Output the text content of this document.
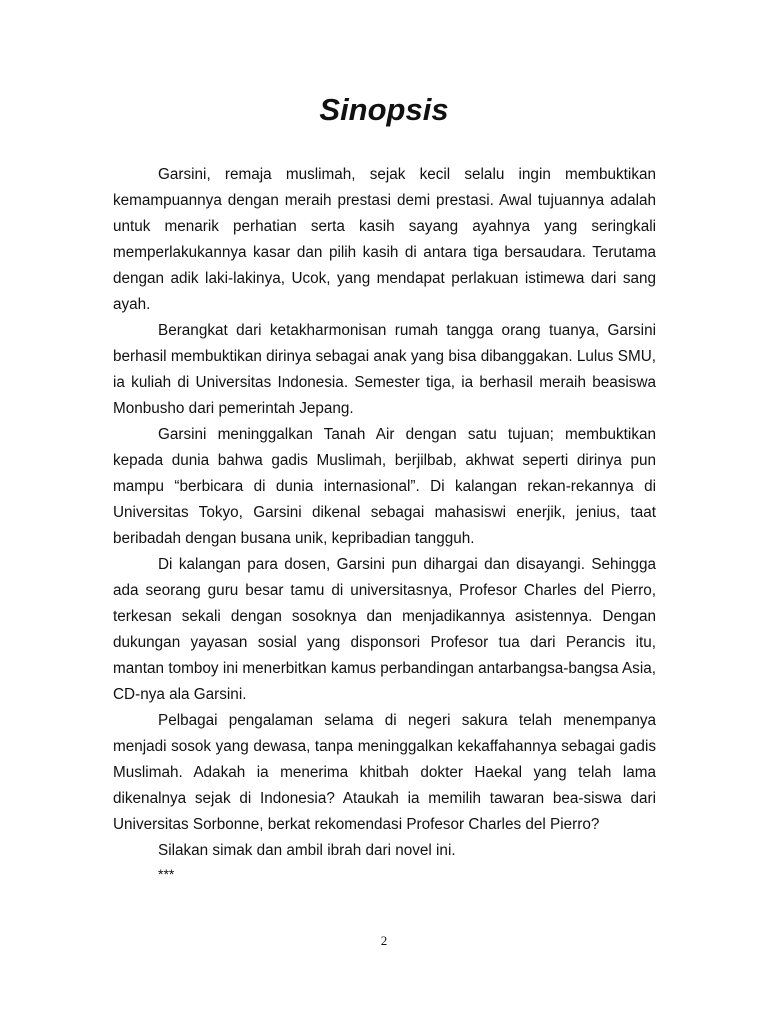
Sinopsis

Garsini, remaja muslimah, sejak kecil selalu ingin membuktikan kemampuannya dengan meraih prestasi demi prestasi. Awal tujuannya adalah untuk menarik perhatian serta kasih sayang ayahnya yang seringkali memperlakukannya kasar dan pilih kasih di antara tiga bersaudara. Terutama dengan adik laki-lakinya, Ucok, yang mendapat perlakuan istimewa dari sang ayah.

Berangkat dari ketakharmonisan rumah tangga orang tuanya, Garsini berhasil membuktikan dirinya sebagai anak yang bisa dibanggakan. Lulus SMU, ia kuliah di Universitas Indonesia. Semester tiga, ia berhasil meraih beasiswa Monbusho dari pemerintah Jepang.

Garsini meninggalkan Tanah Air dengan satu tujuan; membuktikan kepada dunia bahwa gadis Muslimah, berjilbab, akhwat seperti dirinya pun mampu “berbicara di dunia internasional”. Di kalangan rekan-rekannya di Universitas Tokyo, Garsini dikenal sebagai mahasiswi enerjik, jenius, taat beribadah dengan busana unik, kepribadian tangguh.

Di kalangan para dosen, Garsini pun dihargai dan disayangi. Sehingga ada seorang guru besar tamu di universitasnya, Profesor Charles del Pierro, terkesan sekali dengan sosoknya dan menjadikannya asistennya. Dengan dukungan yayasan sosial yang disponsori Profesor tua dari Perancis itu, mantan tomboy ini menerbitkan kamus perbandingan antarbangsa-bangsa Asia, CD-nya ala Garsini.

Pelbagai pengalaman selama di negeri sakura telah menempanya menjadi sosok yang dewasa, tanpa meninggalkan kekaffahannya sebagai gadis Muslimah. Adakah ia menerima khitbah dokter Haekal yang telah lama dikenalnya sejak di Indonesia? Ataukah ia memilih tawaran bea-siswa dari Universitas Sorbonne, berkat rekomendasi Profesor Charles del Pierro?

Silakan simak dan ambil ibrah dari novel ini.

***

2
